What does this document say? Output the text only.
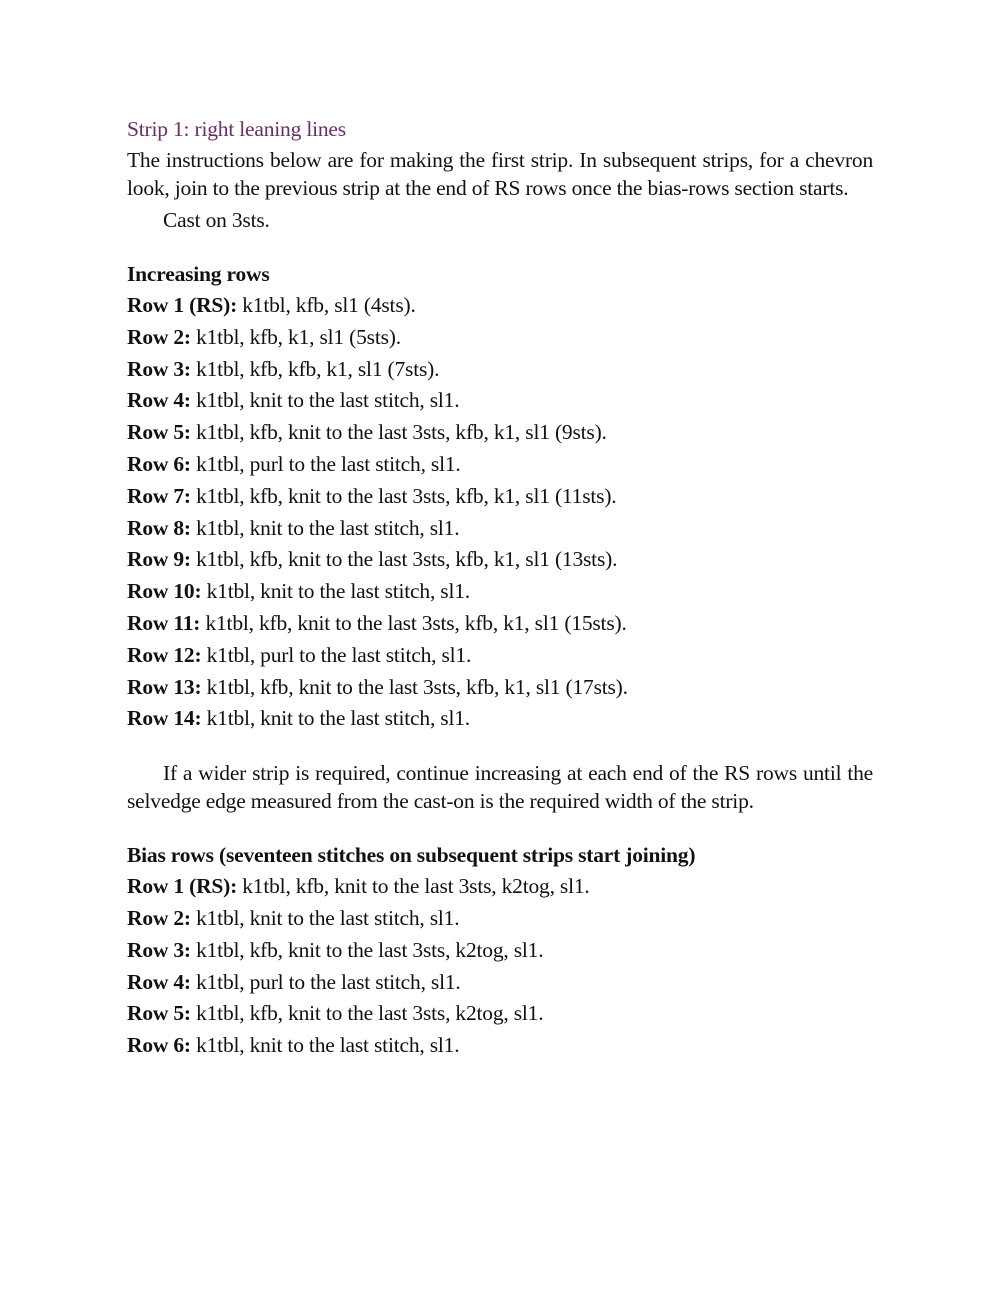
Strip 1: right leaning lines

The instructions below are for making the first strip. In subsequent strips, for a chevron look, join to the previous strip at the end of RS rows once the bias-rows section starts.

Cast on 3sts.

Increasing rows
Row 1 (RS): k1tbl, kfb, sl1 (4sts).
Row 2: k1tbl, kfb, k1, sl1 (5sts).
Row 3: k1tbl, kfb, kfb, k1, sl1 (7sts).
Row 4: k1tbl, knit to the last stitch, sl1.
Row 5: k1tbl, kfb, knit to the last 3sts, kfb, k1, sl1 (9sts).
Row 6: k1tbl, purl to the last stitch, sl1.
Row 7: k1tbl, kfb, knit to the last 3sts, kfb, k1, sl1 (11sts).
Row 8: k1tbl, knit to the last stitch, sl1.
Row 9: k1tbl, kfb, knit to the last 3sts, kfb, k1, sl1 (13sts).
Row 10: k1tbl, knit to the last stitch, sl1.
Row 11: k1tbl, kfb, knit to the last 3sts, kfb, k1, sl1 (15sts).
Row 12: k1tbl, purl to the last stitch, sl1.
Row 13: k1tbl, kfb, knit to the last 3sts, kfb, k1, sl1 (17sts).
Row 14: k1tbl, knit to the last stitch, sl1.

If a wider strip is required, continue increasing at each end of the RS rows until the selvedge edge measured from the cast-on is the required width of the strip.

Bias rows (seventeen stitches on subsequent strips start joining)
Row 1 (RS): k1tbl, kfb, knit to the last 3sts, k2tog, sl1.
Row 2: k1tbl, knit to the last stitch, sl1.
Row 3: k1tbl, kfb, knit to the last 3sts, k2tog, sl1.
Row 4: k1tbl, purl to the last stitch, sl1.
Row 5: k1tbl, kfb, knit to the last 3sts, k2tog, sl1.
Row 6: k1tbl, knit to the last stitch, sl1.
